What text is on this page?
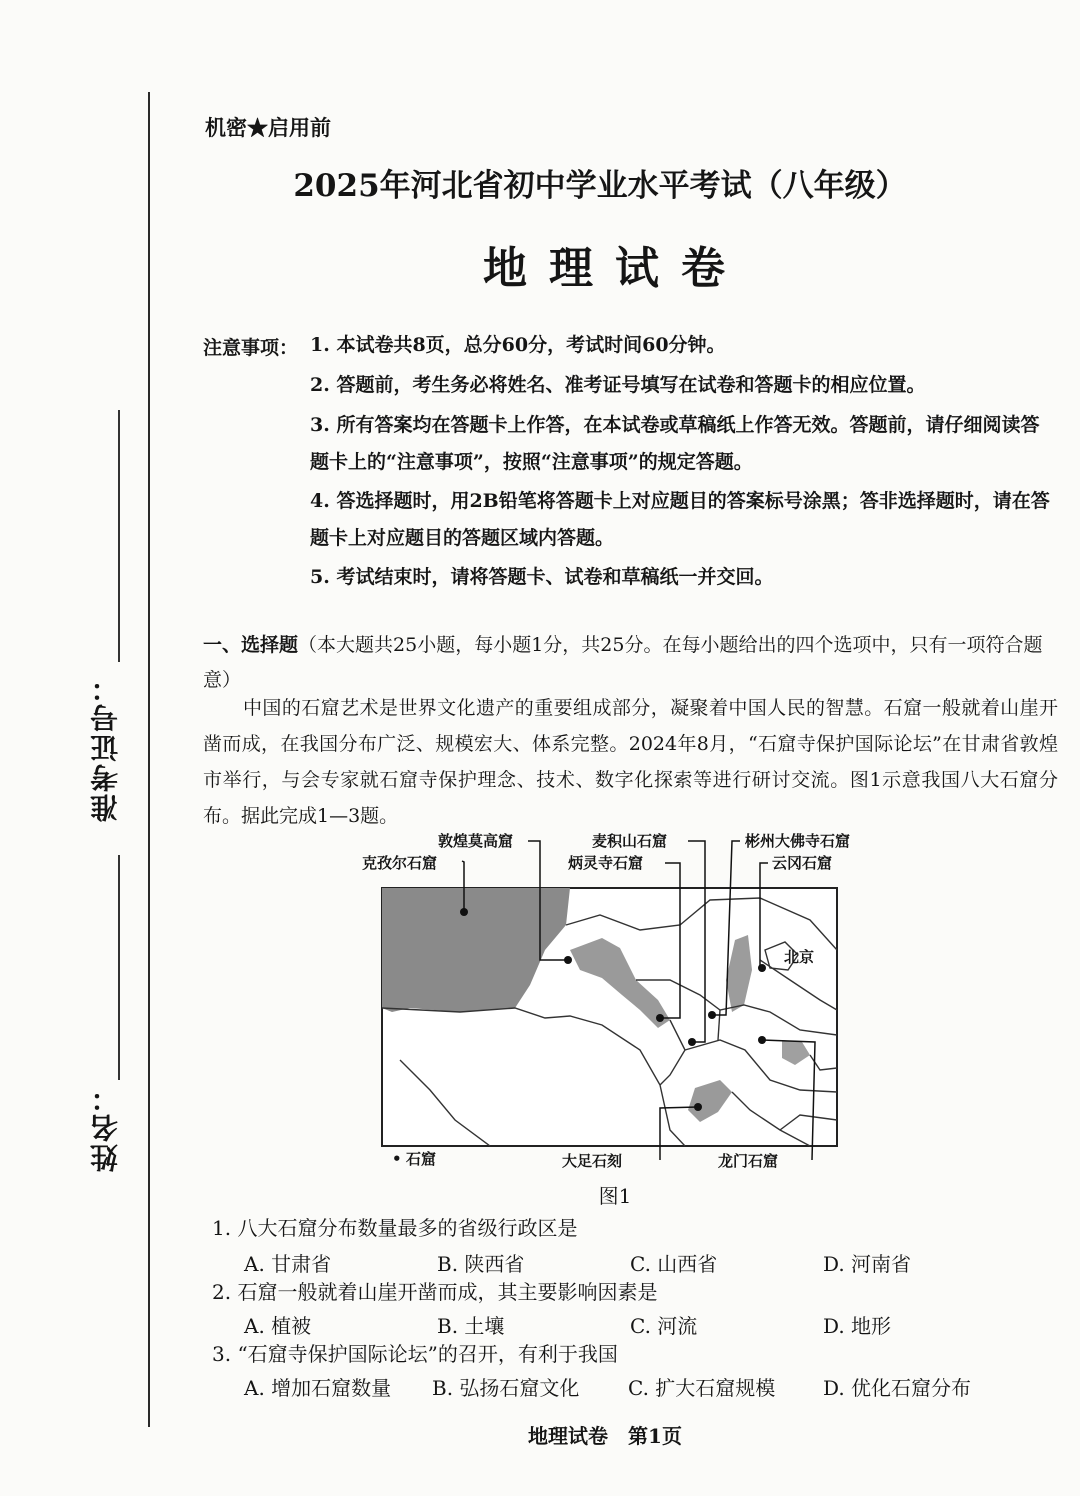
准考证号：
姓名：
机密★启用前
2025年河北省初中学业水平考试（八年级）
地理试卷
注意事项： 1. 本试卷共8页，总分60分，考试时间60分钟。
2. 答题前，考生务必将姓名、准考证号填写在试卷和答题卡的相应位置。
3. 所有答案均在答题卡上作答，在本试卷或草稿纸上作答无效。答题前，请仔细阅读答题卡上的“注意事项”，按照“注意事项”的规定答题。
4. 答选择题时，用2B铅笔将答题卡上对应题目的答案标号涂黑；答非选择题时，请在答题卡上对应题目的答题区域内答题。
5. 考试结束时，请将答题卡、试卷和草稿纸一并交回。
一、选择题（本大题共25小题，每小题1分，共25分。在每小题给出的四个选项中，只有一项符合题意）
中国的石窟艺术是世界文化遗产的重要组成部分，凝聚着中国人民的智慧。石窟一般就着山崖开凿而成，在我国分布广泛、规模宏大、体系完整。2024年8月，“石窟寺保护国际论坛”在甘肃省敦煌市举行，与会专家就石窟寺保护理念、技术、数字化探索等进行研讨交流。图1示意我国八大石窟分布。据此完成1—3题。
敦煌莫高窟	麦积山石窟	彬州大佛寺石窟
克孜尔石窟	炳灵寺石窟	云冈石窟
北京
大足石刻	龙门石窟
• 石窟
图1
1. 八大石窟分布数量最多的省级行政区是
A. 甘肃省	B. 陕西省	C. 山西省	D. 河南省
2. 石窟一般就着山崖开凿而成，其主要影响因素是
A. 植被	B. 土壤	C. 河流	D. 地形
3. “石窟寺保护国际论坛”的召开，有利于我国
A. 增加石窟数量 B. 弘扬石窟文化 C. 扩大石窟规模 D. 优化石窟分布
地理试卷　第1页
